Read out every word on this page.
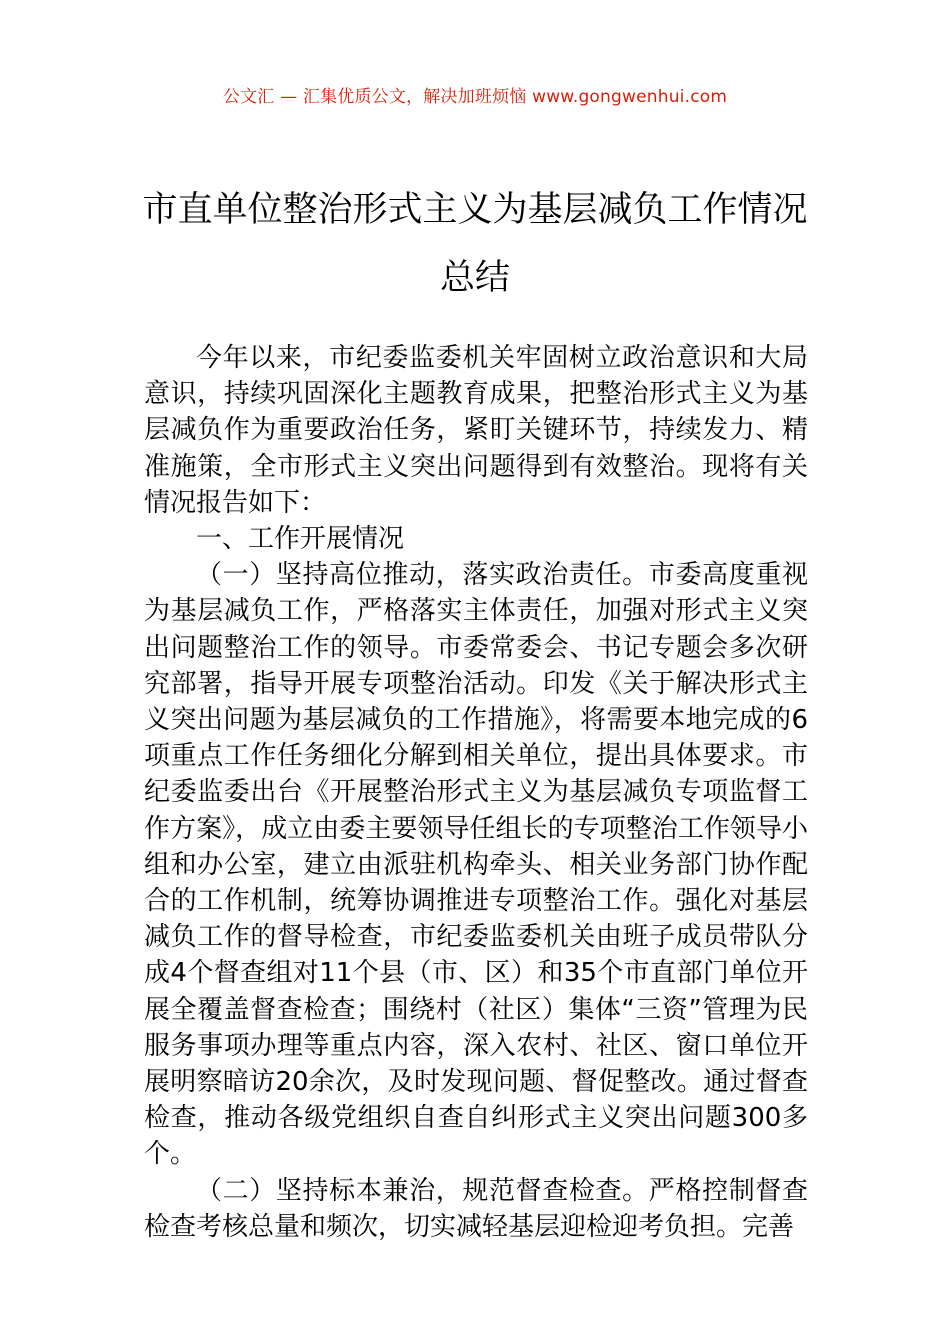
公文汇 — 汇集优质公文，解决加班烦恼 www.gongwenhui.com
市直单位整治形式主义为基层减负工作情况总结

今年以来，市纪委监委机关牢固树立政治意识和大局意识，持续巩固深化主题教育成果，把整治形式主义为基层减负作为重要政治任务，紧盯关键环节，持续发力、精准施策，全市形式主义突出问题得到有效整治。现将有关情况报告如下：

一、工作开展情况

（一）坚持高位推动，落实政治责任。市委高度重视为基层减负工作，严格落实主体责任，加强对形式主义突出问题整治工作的领导。市委常委会、书记专题会多次研究部署，指导开展专项整治活动。印发《关于解决形式主义突出问题为基层减负的工作措施》，将需要本地完成的6项重点工作任务细化分解到相关单位，提出具体要求。市纪委监委出台《开展整治形式主义为基层减负专项监督工作方案》，成立由委主要领导任组长的专项整治工作领导小组和办公室，建立由派驻机构牵头、相关业务部门协作配合的工作机制，统筹协调推进专项整治工作。强化对基层减负工作的督导检查，市纪委监委机关由班子成员带队分成4个督查组对11个县（市、区）和35个市直部门单位开展全覆盖督查检查；围绕村（社区）集体“三资”管理为民服务事项办理等重点内容，深入农村、社区、窗口单位开展明察暗访20余次，及时发现问题、督促整改。通过督查检查，推动各级党组织自查自纠形式主义突出问题300多个。

（二）坚持标本兼治，规范督查检查。严格控制督查检查考核总量和频次，切实减轻基层迎检迎考负担。完善
